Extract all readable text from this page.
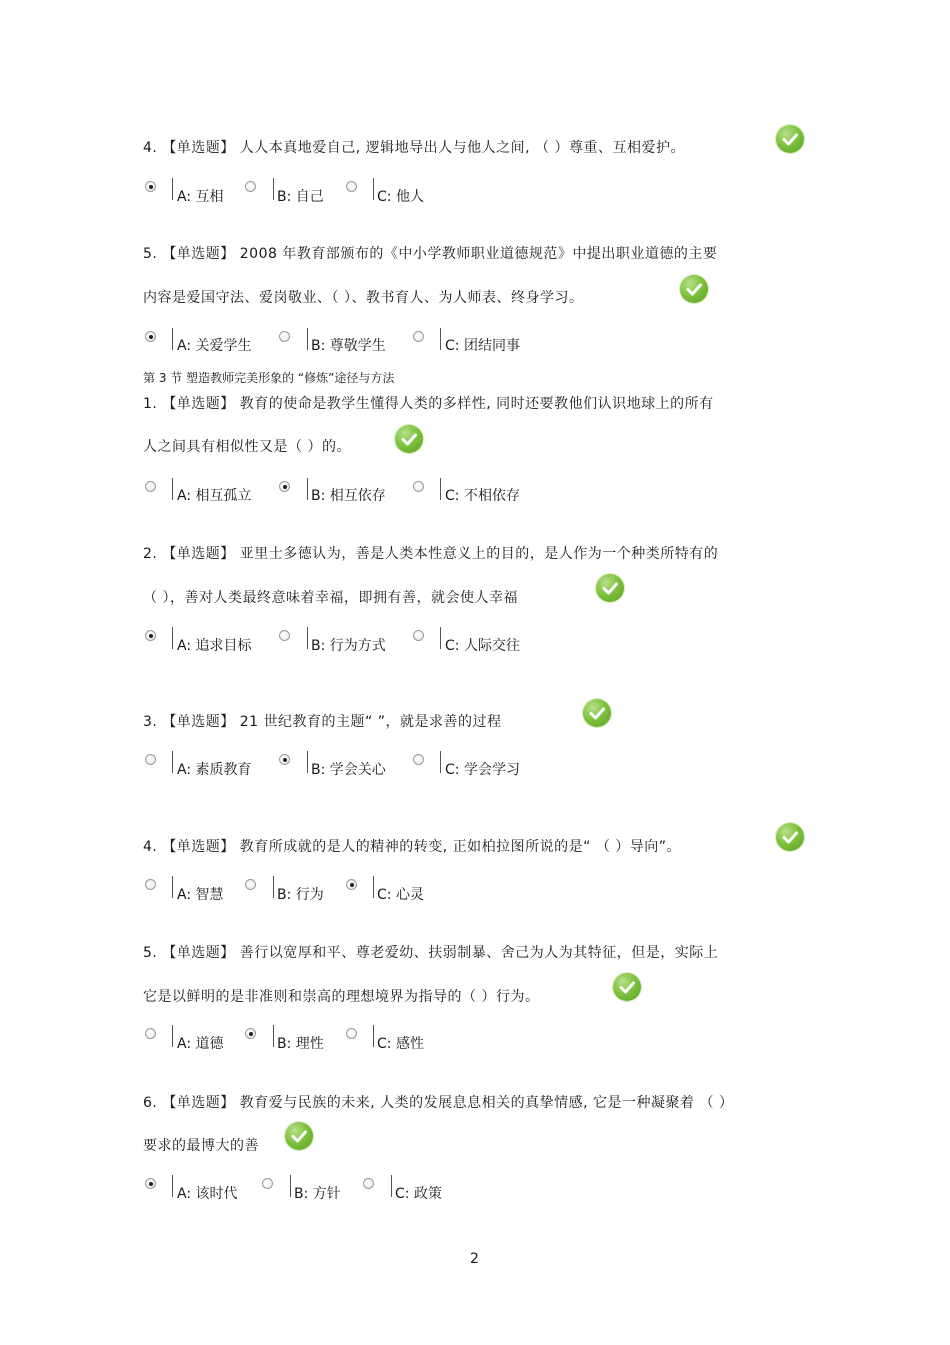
4. 【单选题】 人人本真地爱自己, 逻辑地导出人与他人之间, （ ）尊重、互相爱护。
A: 互相	B: 自己	C: 他人
5. 【单选题】 2008 年教育部颁布的《中小学教师职业道德规范》中提出职业道德的主要
内容是爱国守法、爱岗敬业、（ ）、教书育人、为人师表、终身学习。
A: 关爱学生	B: 尊敬学生	C: 团结同事
第 3 节 塑造教师完美形象的 “修炼”途径与方法
1. 【单选题】 教育的使命是教学生懂得人类的多样性, 同时还要教他们认识地球上的所有
人之间具有相似性又是（ ）的。
A: 相互孤立	B: 相互依存	C: 不相依存
2. 【单选题】 亚里士多德认为，善是人类本性意义上的目的，是人作为一个种类所特有的
（ ），善对人类最终意味着幸福，即拥有善，就会使人幸福
A: 追求目标	B: 行为方式	C: 人际交往
3. 【单选题】 21 世纪教育的主题“ ”，就是求善的过程
A: 素质教育	B: 学会关心	C: 学会学习
4. 【单选题】 教育所成就的是人的精神的转变, 正如柏拉图所说的是“ （ ）导向”。
A: 智慧	B: 行为	C: 心灵
5. 【单选题】 善行以宽厚和平、尊老爱幼、扶弱制暴、舍己为人为其特征，但是，实际上
它是以鲜明的是非准则和崇高的理想境界为指导的（ ）行为。
A: 道德	B: 理性	C: 感性
6. 【单选题】 教育爱与民族的未来, 人类的发展息息相关的真挚情感, 它是一种凝聚着 （ ）
要求的最博大的善
A: 该时代	B: 方针	C: 政策
2
